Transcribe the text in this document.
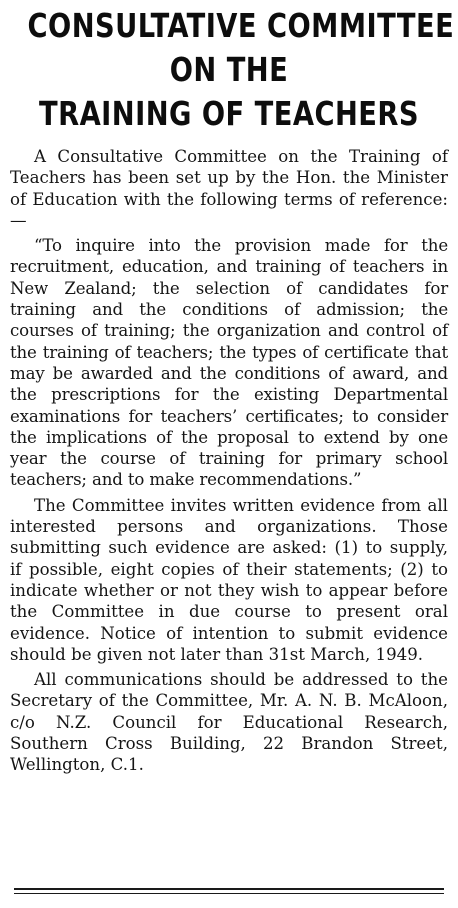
CONSULTATIVE COMMITTEE
ON THE
TRAINING OF TEACHERS

A Consultative Committee on the Training of Teachers has been set up by the Hon. the Minister of Education with the following terms of reference:—

“To inquire into the provision made for the recruitment, education, and training of teachers in New Zealand; the selection of candidates for training and the conditions of admission; the courses of training; the organization and control of the training of teachers; the types of certificate that may be awarded and the conditions of award, and the prescriptions for the existing Departmental examinations for teachers’ certificates; to consider the implications of the proposal to extend by one year the course of training for primary school teachers; and to make recommendations.”

The Committee invites written evidence from all interested persons and organizations. Those submitting such evidence are asked: (1) to supply, if possible, eight copies of their statements; (2) to indicate whether or not they wish to appear before the Committee in due course to present oral evidence. Notice of intention to submit evidence should be given not later than 31st March, 1949.

All communications should be addressed to the Secretary of the Committee, Mr. A. N. B. McAloon, c/o N.Z. Council for Educational Research, Southern Cross Building, 22 Brandon Street, Wellington, C.1.
